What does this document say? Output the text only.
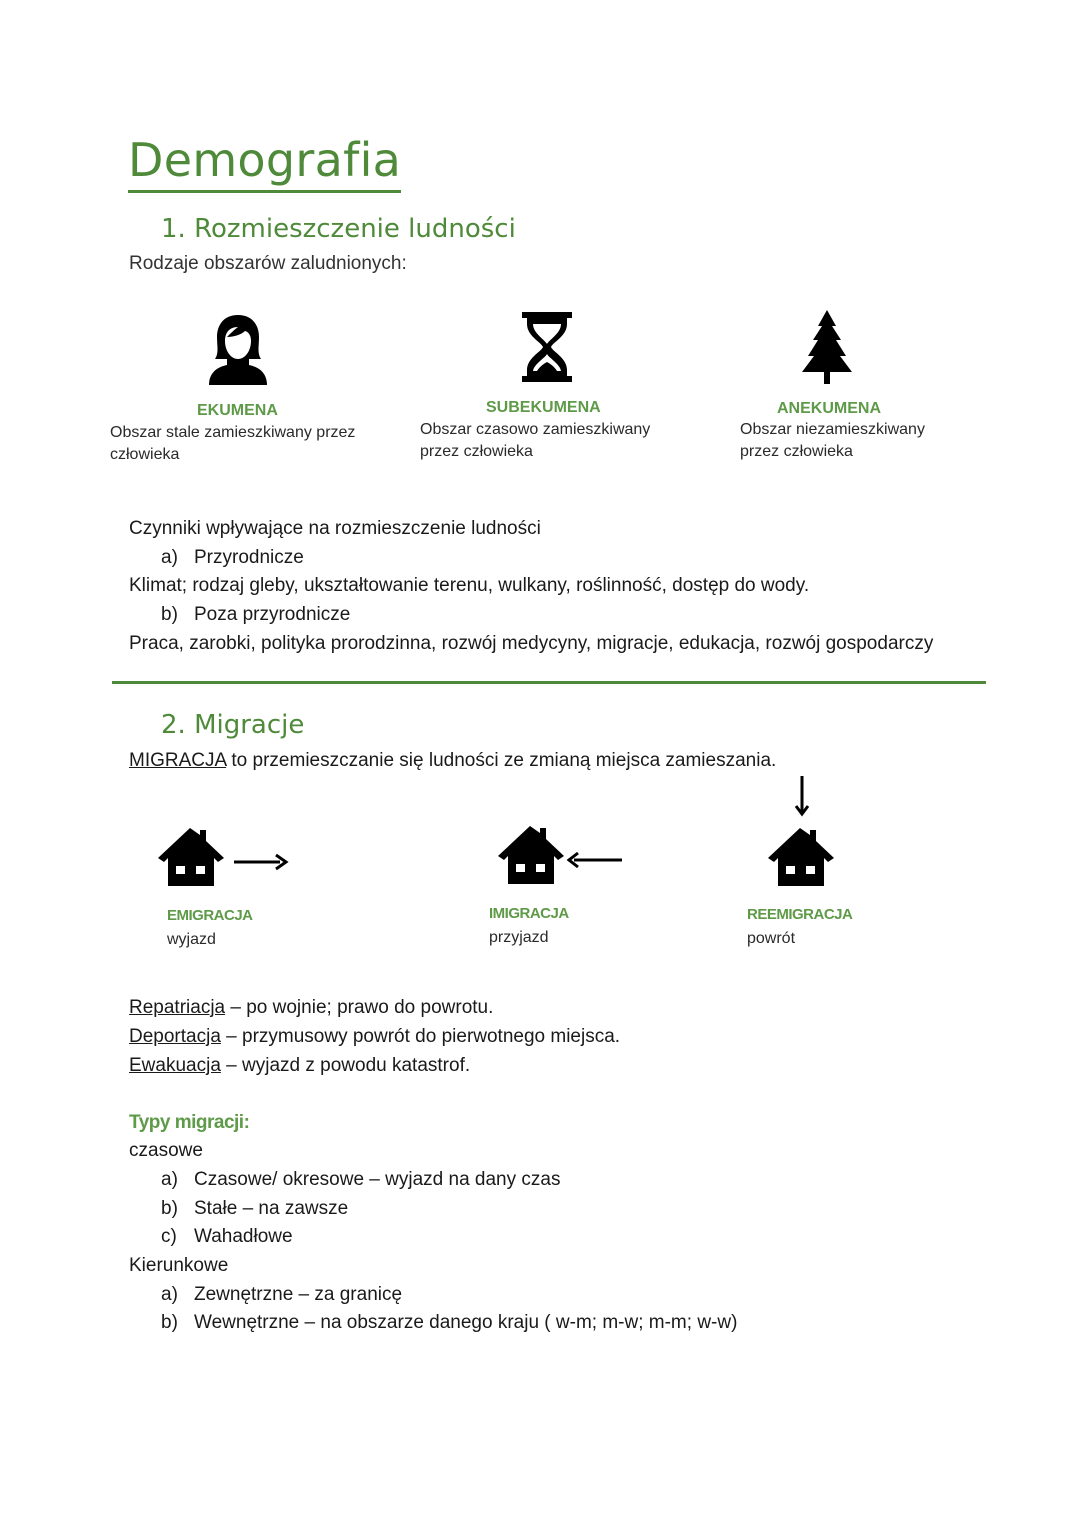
Demografia
1. Rozmieszczenie ludności
Rodzaje obszarów zaludnionych:
EKUMENA
Obszar stale zamieszkiwany przez
człowieka
SUBEKUMENA
Obszar czasowo zamieszkiwany
przez człowieka
ANEKUMENA
Obszar niezamieszkiwany
przez człowieka
Czynniki wpływające na rozmieszczenie ludności
a) Przyrodnicze
Klimat; rodzaj gleby, ukształtowanie terenu, wulkany, roślinność, dostęp do wody.
b) Poza przyrodnicze
Praca, zarobki, polityka prorodzinna, rozwój medycyny, migracje, edukacja, rozwój gospodarczy
2. Migracje
MIGRACJA to przemieszczanie się ludności ze zmianą miejsca zamieszania.
EMIGRACJA
wyjazd
IMIGRACJA
przyjazd
REEMIGRACJA
powrót
Repatriacja – po wojnie; prawo do powrotu.
Deportacja – przymusowy powrót do pierwotnego miejsca.
Ewakuacja – wyjazd z powodu katastrof.
Typy migracji:
czasowe
a) Czasowe/ okresowe – wyjazd na dany czas
b) Stałe – na zawsze
c) Wahadłowe
Kierunkowe
a) Zewnętrzne – za granicę
b) Wewnętrzne – na obszarze danego kraju ( w-m; m-w; m-m; w-w)
